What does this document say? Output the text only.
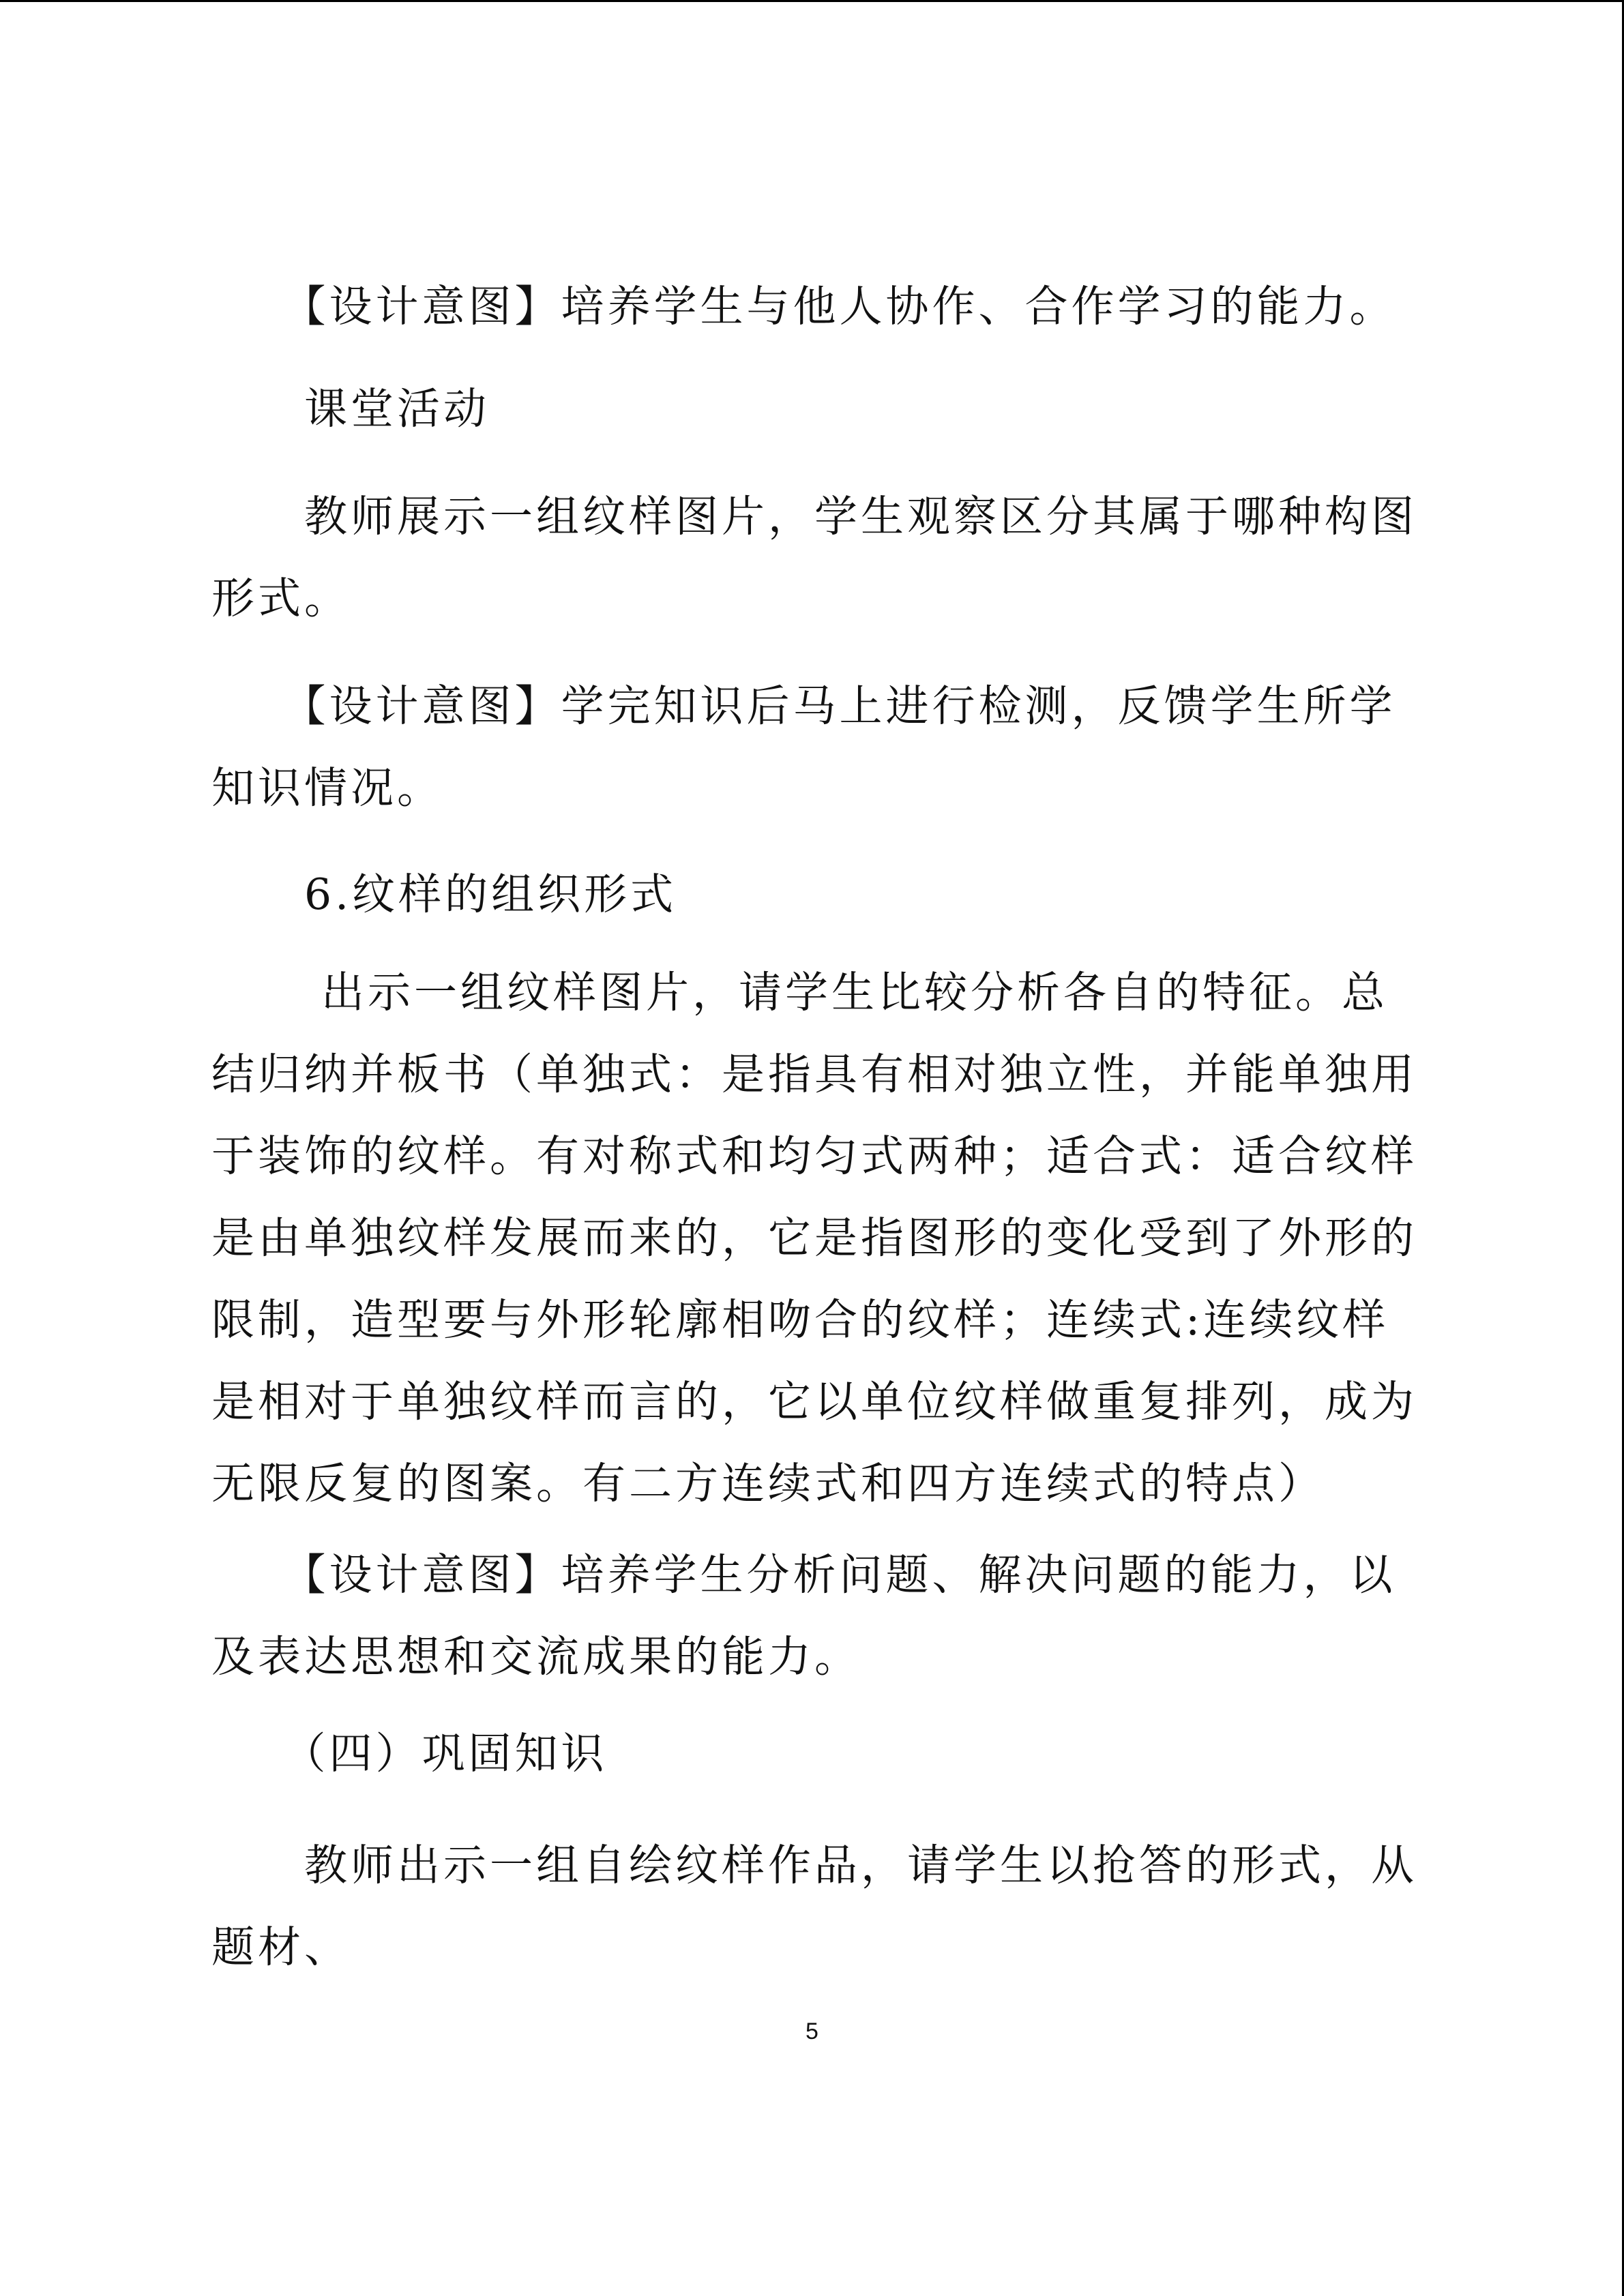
　　【设计意图】培养学生与他人协作、合作学习的能力。

　　课堂活动

　　教师展示一组纹样图片，学生观察区分其属于哪种构图形式。

　　【设计意图】学完知识后马上进行检测，反馈学生所学知识情况。

　　6.纹样的组织形式

　　 出示一组纹样图片，请学生比较分析各自的特征。总结归纳并板书（单独式：是指具有相对独立性，并能单独用于装饰的纹样。有对称式和均匀式两种；适合式：适合纹样是由单独纹样发展而来的，它是指图形的变化受到了外形的限制，造型要与外形轮廓相吻合的纹样；连续式:连续纹样是相对于单独纹样而言的，它以单位纹样做重复排列，成为无限反复的图案。有二方连续式和四方连续式的特点）

　　【设计意图】培养学生分析问题、解决问题的能力，以及表达思想和交流成果的能力。

　　（四）巩固知识

　　教师出示一组自绘纹样作品，请学生以抢答的形式，从题材、

5
